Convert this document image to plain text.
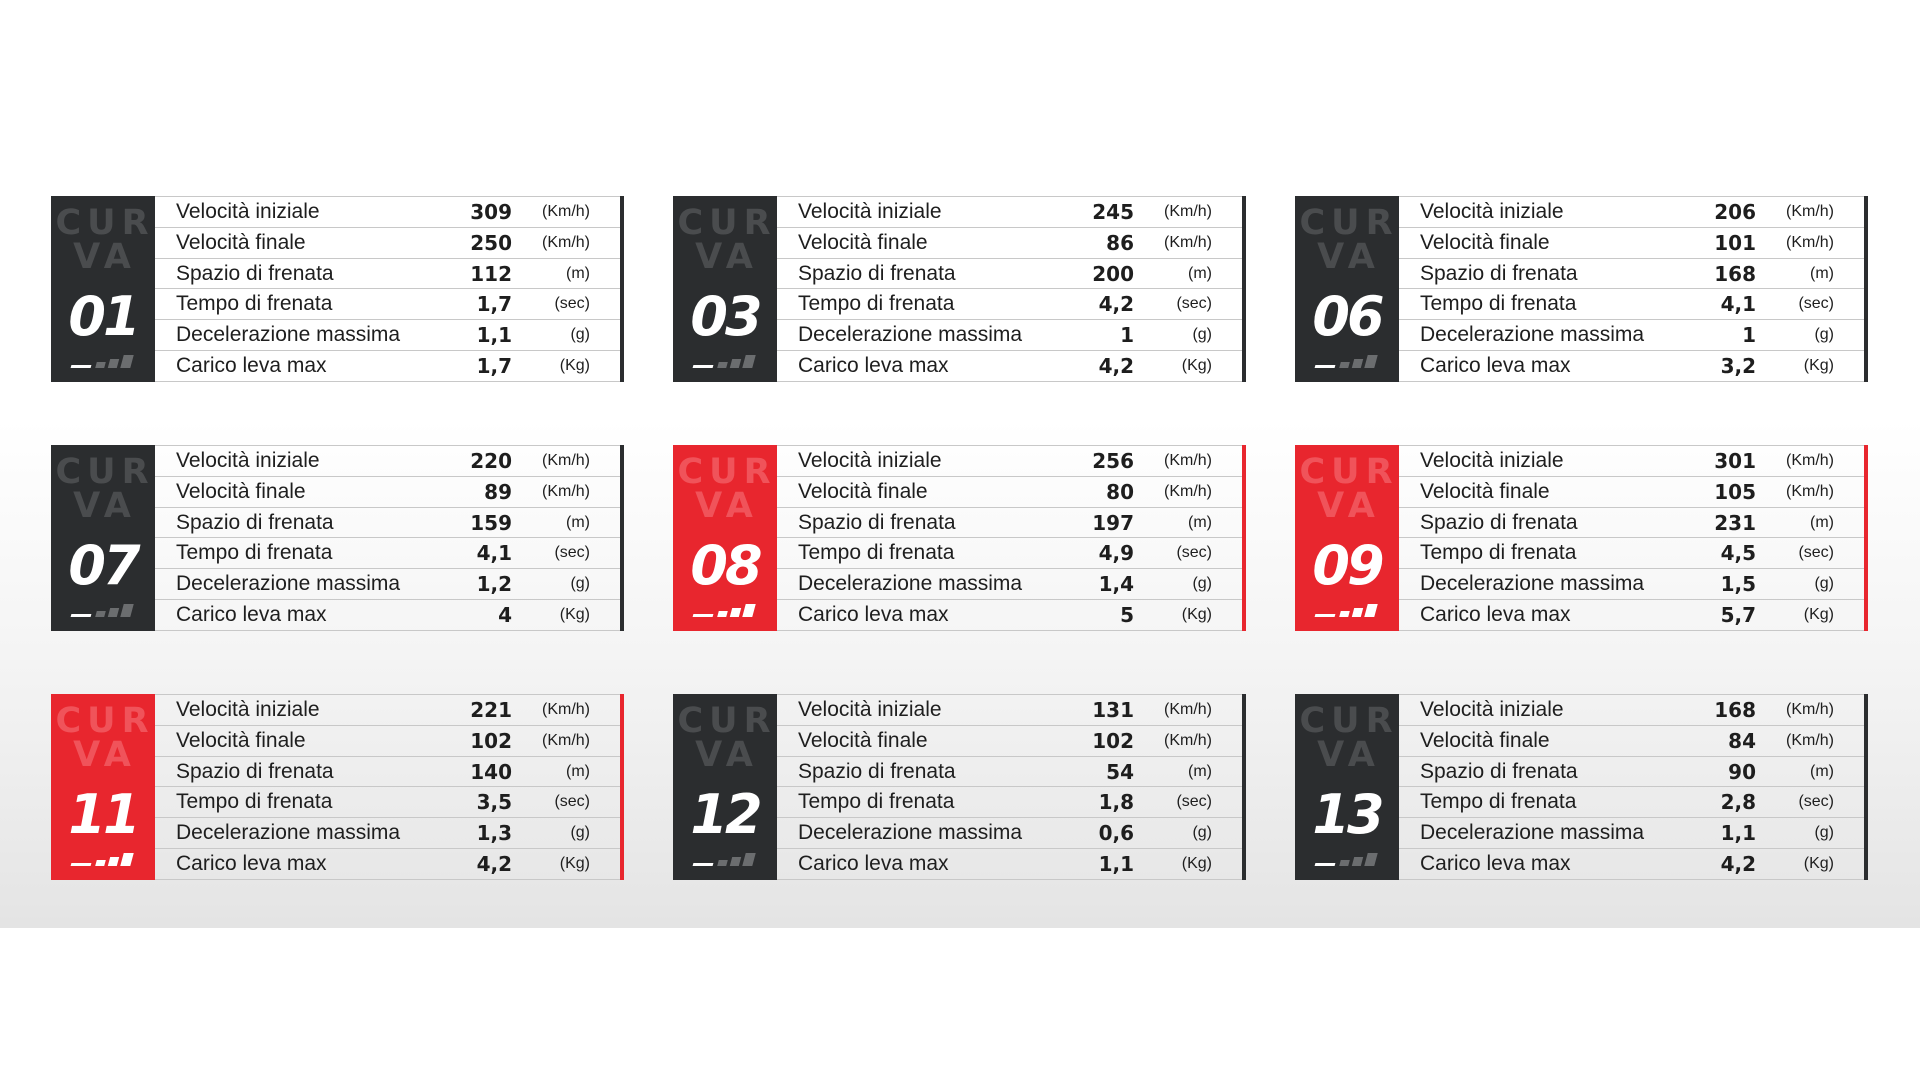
CUR
VA
01
Velocità iniziale	309	(Km/h)
Velocità finale	250	(Km/h)
Spazio di frenata	112	(m)
Tempo di frenata	1,7	(sec)
Decelerazione massima	1,1	(g)
Carico leva max	1,7	(Kg)
CUR
VA
03
Velocità iniziale	245	(Km/h)
Velocità finale	86	(Km/h)
Spazio di frenata	200	(m)
Tempo di frenata	4,2	(sec)
Decelerazione massima	1	(g)
Carico leva max	4,2	(Kg)
CUR
VA
06
Velocità iniziale	206	(Km/h)
Velocità finale	101	(Km/h)
Spazio di frenata	168	(m)
Tempo di frenata	4,1	(sec)
Decelerazione massima	1	(g)
Carico leva max	3,2	(Kg)
CUR
VA
07
Velocità iniziale	220	(Km/h)
Velocità finale	89	(Km/h)
Spazio di frenata	159	(m)
Tempo di frenata	4,1	(sec)
Decelerazione massima	1,2	(g)
Carico leva max	4	(Kg)
CUR
VA
08
Velocità iniziale	256	(Km/h)
Velocità finale	80	(Km/h)
Spazio di frenata	197	(m)
Tempo di frenata	4,9	(sec)
Decelerazione massima	1,4	(g)
Carico leva max	5	(Kg)
CUR
VA
09
Velocità iniziale	301	(Km/h)
Velocità finale	105	(Km/h)
Spazio di frenata	231	(m)
Tempo di frenata	4,5	(sec)
Decelerazione massima	1,5	(g)
Carico leva max	5,7	(Kg)
CUR
VA
11
Velocità iniziale	221	(Km/h)
Velocità finale	102	(Km/h)
Spazio di frenata	140	(m)
Tempo di frenata	3,5	(sec)
Decelerazione massima	1,3	(g)
Carico leva max	4,2	(Kg)
CUR
VA
12
Velocità iniziale	131	(Km/h)
Velocità finale	102	(Km/h)
Spazio di frenata	54	(m)
Tempo di frenata	1,8	(sec)
Decelerazione massima	0,6	(g)
Carico leva max	1,1	(Kg)
CUR
VA
13
Velocità iniziale	168	(Km/h)
Velocità finale	84	(Km/h)
Spazio di frenata	90	(m)
Tempo di frenata	2,8	(sec)
Decelerazione massima	1,1	(g)
Carico leva max	4,2	(Kg)
